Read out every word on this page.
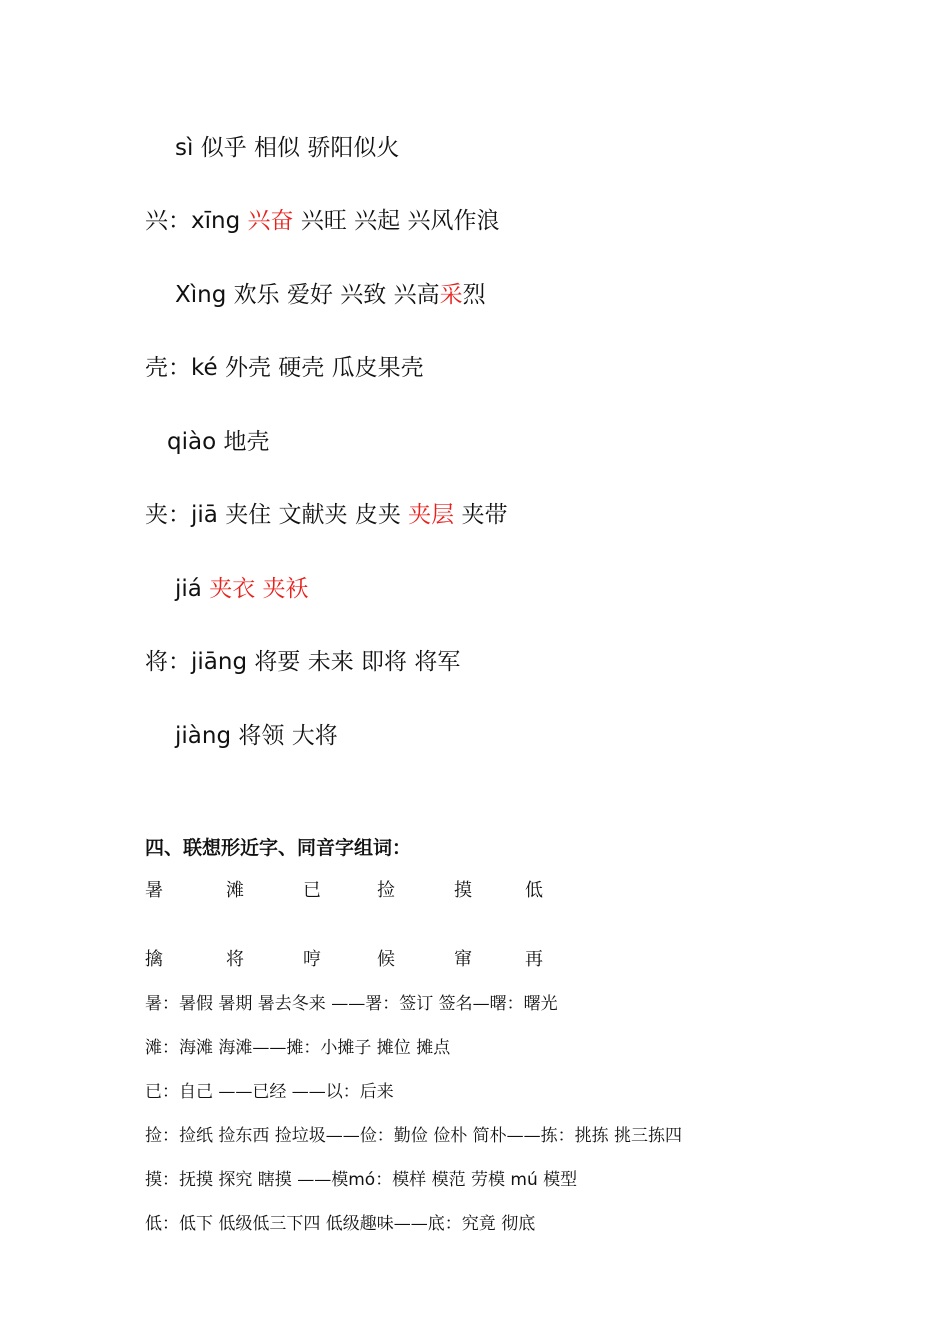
sì 似乎 相似 骄阳似火
兴：xīng 兴奋 兴旺 兴起 兴风作浪
Xìng 欢乐 爱好 兴致 兴高采烈
壳：ké 外壳 硬壳 瓜皮果壳
qiào 地壳
夹：jiā 夹住 文献夹 皮夹 夹层 夹带
jiá 夹衣 夹袄
将：jiāng 将要 未来 即将 将军
jiàng 将领 大将
四、联想形近字、同音字组词：
暑	滩	已	捡	摸	低
擒	将	哼	候	窜	再
暑：暑假 暑期 暑去冬来 ——署：签订 签名—曙：曙光
滩：海滩 海滩——摊：小摊子 摊位 摊点
已：自己 ——已经 ——以：后来
捡：捡纸 捡东西 捡垃圾——俭：勤俭 俭朴 简朴——拣：挑拣 挑三拣四
摸：抚摸 探究 瞎摸 ——模mó：模样 模范 劳模 mú 模型
低：低下 低级低三下四 低级趣味——底：究竟 彻底
